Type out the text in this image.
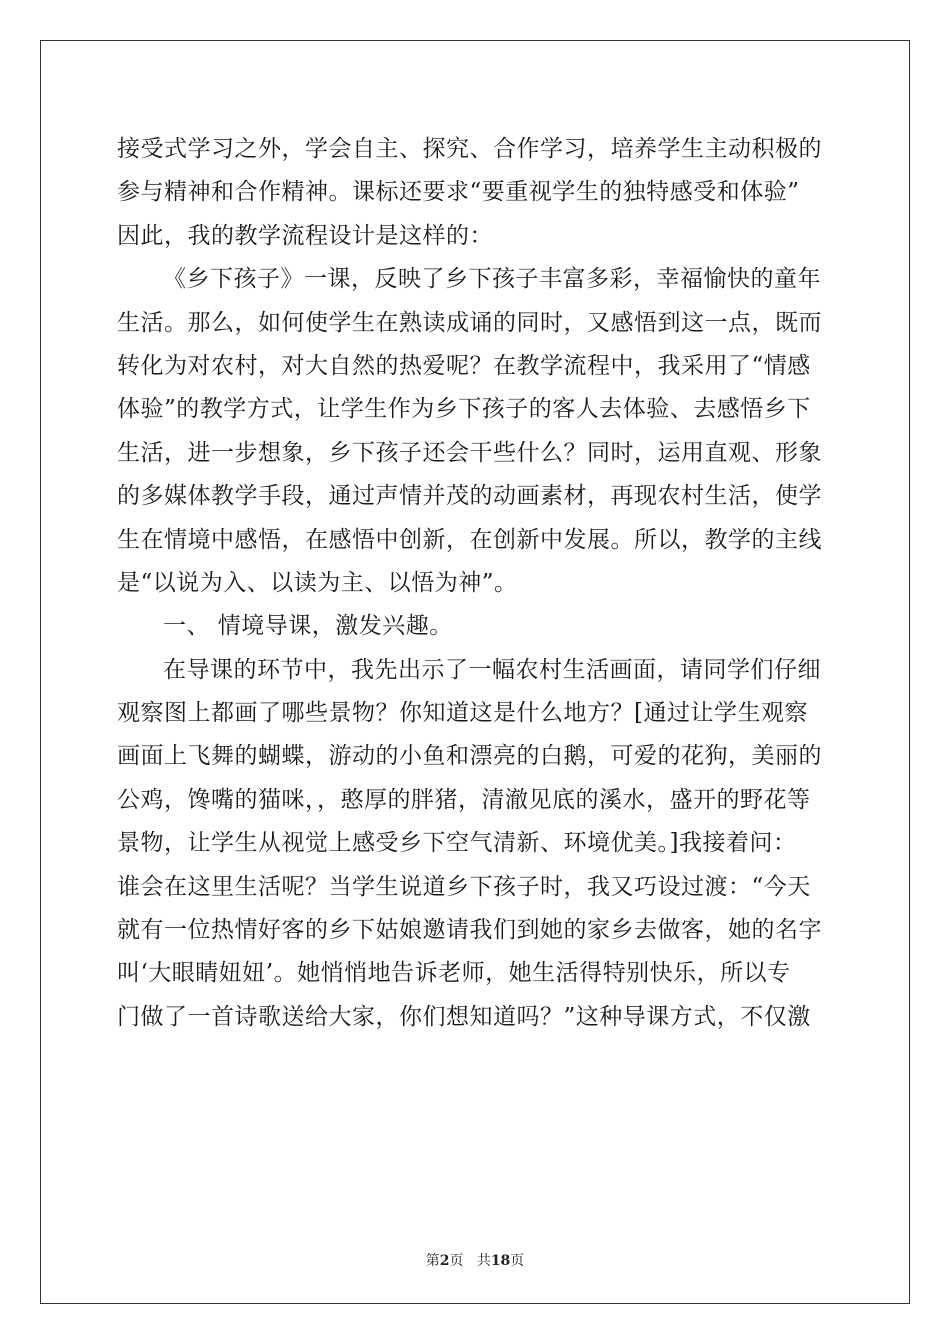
接受式学习之外，学会自主、探究、合作学习，培养学生主动积极的
参与精神和合作精神。课标还要求“要重视学生的独特感受和体验”
因此，我的教学流程设计是这样的：
《乡下孩子》一课，反映了乡下孩子丰富多彩，幸福愉快的童年
生活。那么，如何使学生在熟读成诵的同时，又感悟到这一点，既而
转化为对农村，对大自然的热爱呢？在教学流程中，我采用了“情感
体验”的教学方式，让学生作为乡下孩子的客人去体验、去感悟乡下
生活，进一步想象，乡下孩子还会干些什么？同时，运用直观、形象
的多媒体教学手段，通过声情并茂的动画素材，再现农村生活，使学
生在情境中感悟，在感悟中创新，在创新中发展。所以，教学的主线
是“以说为入、以读为主、以悟为神”。
一、 情境导课，激发兴趣。
在导课的环节中，我先出示了一幅农村生活画面，请同学们仔细
观察图上都画了哪些景物？你知道这是什么地方？[通过让学生观察
画面上飞舞的蝴蝶，游动的小鱼和漂亮的白鹅，可爱的花狗，美丽的
公鸡，馋嘴的猫咪，，憨厚的胖猪，清澈见底的溪水，盛开的野花等
景物，让学生从视觉上感受乡下空气清新、环境优美。]我接着问：
谁会在这里生活呢？当学生说道乡下孩子时，我又巧设过渡：“今天
就有一位热情好客的乡下姑娘邀请我们到她的家乡去做客，她的名字
叫‘大眼睛妞妞’。她悄悄地告诉老师，她生活得特别快乐，所以专
门做了一首诗歌送给大家，你们想知道吗？”这种导课方式，不仅激
第2页 共18页
